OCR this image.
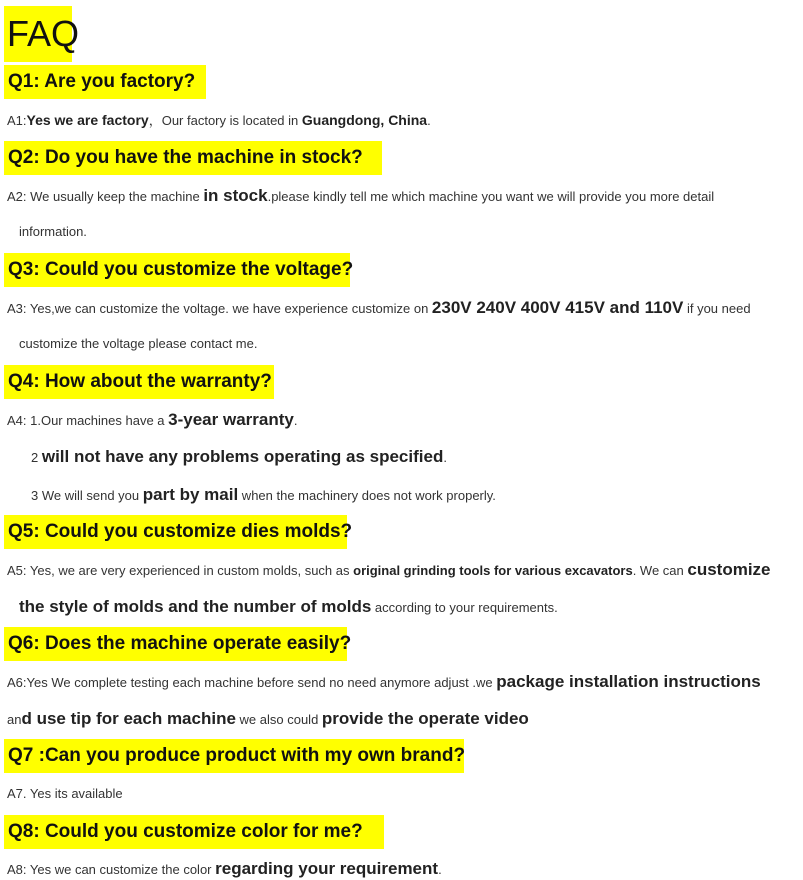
FAQ
Q1: Are you factory?
A1:Yes we are factory，Our factory is located in Guangdong, China.
Q2: Do you have the machine in stock?
A2: We usually keep the machine in stock.please kindly tell me which machine you want we will provide you more detail
information.
Q3: Could you customize the voltage?
A3: Yes,we can customize the voltage. we have experience customize on 230V 240V 400V 415V and 110V if you need
customize the voltage please contact me.
Q4: How about the warranty?
A4: 1.Our machines have a 3-year warranty.
2 will not have any problems operating as specified.
3 We will send you part by mail when the machinery does not work properly.
Q5: Could you customize dies molds?
A5: Yes, we are very experienced in custom molds, such as original grinding tools for various excavators. We can customize
the style of molds and the number of molds according to your requirements.
Q6: Does the machine operate easily?
A6:Yes We complete testing each machine before send no need anymore adjust .we package installation instructions
and use tip for each machine we also could provide the operate video
Q7 :Can you produce product with my own brand?
A7. Yes its available
Q8: Could you customize color for me?
A8: Yes we can customize the color regarding your requirement.
